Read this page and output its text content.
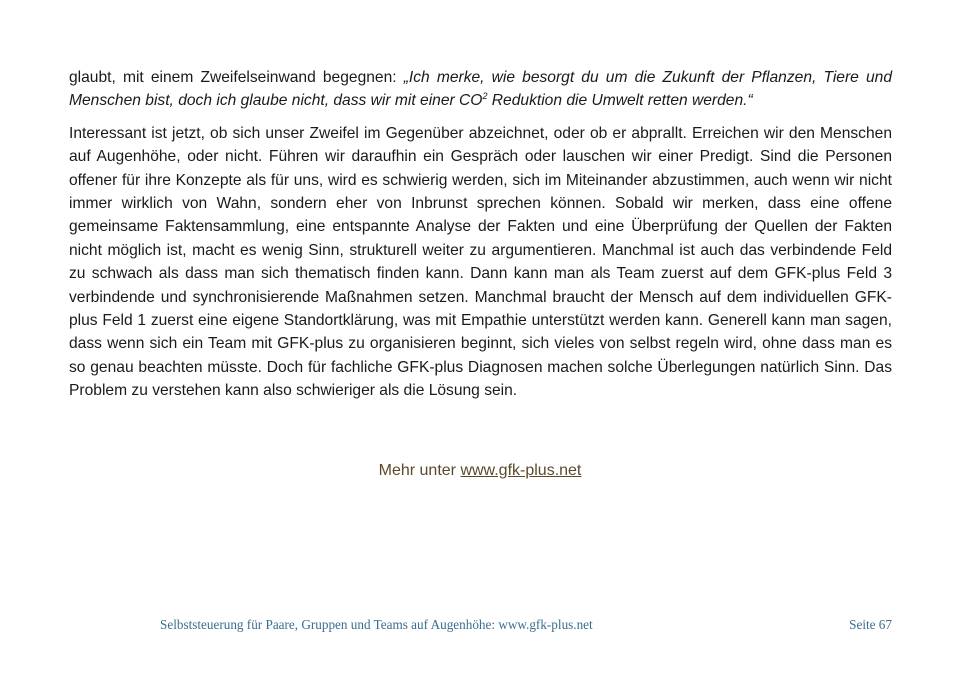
glaubt, mit einem Zweifelseinwand begegnen: „Ich merke, wie besorgt du um die Zukunft der Pflanzen, Tiere und Menschen bist, doch ich glaube nicht, dass wir mit einer $CO^2$ Reduktion die Umwelt retten werden.“

Interessant ist jetzt, ob sich unser Zweifel im Gegenüber abzeichnet, oder ob er abprallt. Erreichen wir den Menschen auf Augenhöhe, oder nicht. Führen wir daraufhin ein Gespräch oder lauschen wir einer Predigt. Sind die Personen offener für ihre Konzepte als für uns, wird es schwierig werden, sich im Miteinander abzustimmen, auch wenn wir nicht immer wirklich von Wahn, sondern eher von Inbrunst sprechen können. Sobald wir merken, dass eine offene gemeinsame Faktensammlung, eine entspannte Analyse der Fakten und eine Überprüfung der Quellen der Fakten nicht möglich ist, macht es wenig Sinn, strukturell weiter zu argumentieren. Manchmal ist auch das verbindende Feld zu schwach als dass man sich thematisch finden kann. Dann kann man als Team zuerst auf dem GFK-plus Feld 3 verbindende und synchronisierende Maßnahmen setzen. Manchmal braucht der Mensch auf dem individuellen GFK-plus Feld 1 zuerst eine eigene Standortklärung, was mit Empathie unterstützt werden kann. Generell kann man sagen, dass wenn sich ein Team mit GFK-plus zu organisieren beginnt, sich vieles von selbst regeln wird, ohne dass man es so genau beachten müsste. Doch für fachliche GFK-plus Diagnosen machen solche Überlegungen natürlich Sinn. Das Problem zu verstehen kann also schwieriger als die Lösung sein.

Mehr unter www.gfk-plus.net
Selbststeuerung für Paare, Gruppen und Teams auf Augenhöhe: www.gfk-plus.net	Seite 67
